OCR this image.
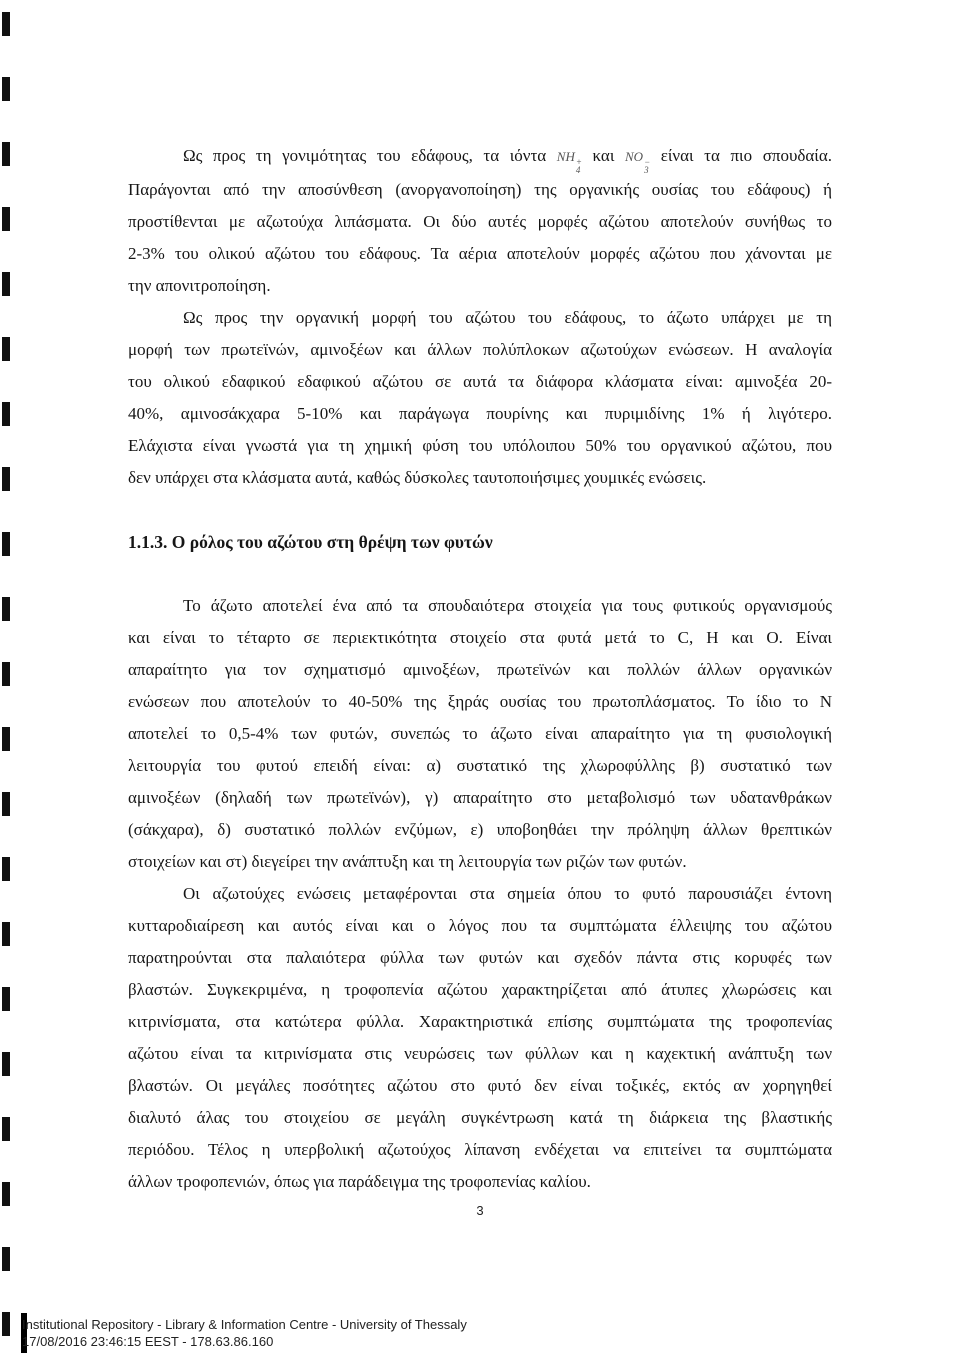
Ως προς τη γονιμότητας του εδάφους, τα ιόντα NH +
4
και NO −
3
είναι τα πιο σπουδαία.
Παράγονται από την αποσύνθεση (ανοργανοποίηση) της οργανικής ουσίας του εδάφους) ή
προστίθενται με αζωτούχα λιπάσματα. Οι δύο αυτές μορφές αζώτου αποτελούν συνήθως το
2-3% του ολικού αζώτου του εδάφους. Τα αέρια αποτελούν μορφές αζώτου που χάνονται με
την απονιτροποίηση.
Ως προς την οργανική μορφή του αζώτου του εδάφους, το άζωτο υπάρχει με τη
μορφή των πρωτεϊνών, αμινοξέων και άλλων πολύπλοκων αζωτούχων ενώσεων. Η αναλογία
του ολικού εδαφικού εδαφικού αζώτου σε αυτά τα διάφορα κλάσματα είναι: αμινοξέα 20-
40%, αμινοσάκχαρα 5-10% και παράγωγα πουρίνης και πυριμιδίνης 1% ή λιγότερο.
Ελάχιστα είναι γνωστά για τη χημική φύση του υπόλοιπου 50% του οργανικού αζώτου, που
δεν υπάρχει στα κλάσματα αυτά, καθώς δύσκολες ταυτοποιήσιμες χουμικές ενώσεις.
1.1.3. Ο ρόλος του αζώτου στη θρέψη των φυτών
Το άζωτο αποτελεί ένα από τα σπουδαιότερα στοιχεία για τους φυτικούς οργανισμούς
και είναι το τέταρτο σε περιεκτικότητα στοιχείο στα φυτά μετά το C, H και O. Είναι
απαραίτητο για τον σχηματισμό αμινοξέων, πρωτεϊνών και πολλών άλλων οργανικών
ενώσεων που αποτελούν το 40-50% της ξηράς ουσίας του πρωτοπλάσματος. Το ίδιο το N
αποτελεί το 0,5-4% των φυτών, συνεπώς το άζωτο είναι απαραίτητο για τη φυσιολογική
λειτουργία του φυτού επειδή είναι: α) συστατικό της χλωροφύλλης β) συστατικό των
αμινοξέων (δηλαδή των πρωτεϊνών), γ) απαραίτητο στο μεταβολισμό των υδατανθράκων
(σάκχαρα), δ) συστατικό πολλών ενζύμων, ε) υποβοηθάει την πρόληψη άλλων θρεπτικών
στοιχείων και στ) διεγείρει την ανάπτυξη και τη λειτουργία των ριζών των φυτών.
Οι αζωτούχες ενώσεις μεταφέρονται στα σημεία όπου το φυτό παρουσιάζει έντονη
κυτταροδιαίρεση και αυτός είναι και ο λόγος που τα συμπτώματα έλλειψης του αζώτου
παρατηρούνται στα παλαιότερα φύλλα των φυτών και σχεδόν πάντα στις κορυφές των
βλαστών. Συγκεκριμένα, η τροφοπενία αζώτου χαρακτηρίζεται από άτυπες χλωρώσεις και
κιτρινίσματα, στα κατώτερα φύλλα. Χαρακτηριστικά επίσης συμπτώματα της τροφοπενίας
αζώτου είναι τα κιτρινίσματα στις νευρώσεις των φύλλων και η καχεκτική ανάπτυξη των
βλαστών. Οι μεγάλες ποσότητες αζώτου στο φυτό δεν είναι τοξικές, εκτός αν χορηγηθεί
διαλυτό άλας του στοιχείου σε μεγάλη συγκέντρωση κατά τη διάρκεια της βλαστικής
περιόδου. Τέλος η υπερβολική αζωτούχος λίπανση ενδέχεται να επιτείνει τα συμπτώματα
άλλων τροφοπενιών, όπως για παράδειγμα της τροφοπενίας καλίου.
3
Institutional Repository - Library & Information Centre - University of Thessaly
17/08/2016 23:46:15 EEST - 178.63.86.160
